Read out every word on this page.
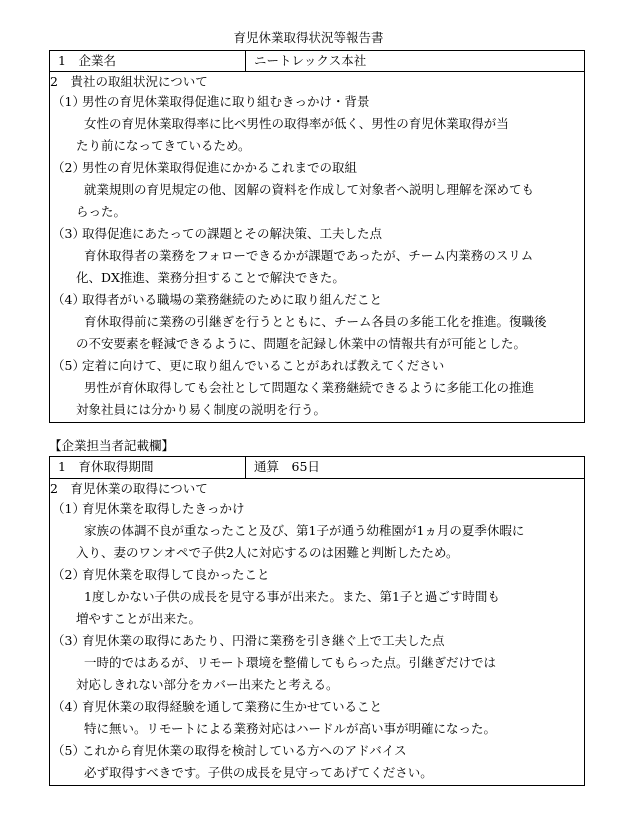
育児休業取得状況等報告書
1　企業名	ニートレックス本社

2　貴社の取組状況について
（1）男性の育児休業取得促進に取り組むきっかけ・背景
女性の育児休業取得率に比べ男性の取得率が低く、男性の育児休業取得が当
たり前になってきているため。
（2）男性の育児休業取得促進にかかるこれまでの取組
就業規則の育児規定の他、図解の資料を作成して対象者へ説明し理解を深めても
らった。
（3）取得促進にあたっての課題とその解決策、工夫した点
育休取得者の業務をフォローできるかが課題であったが、チーム内業務のスリム
化、DX推進、業務分担することで解決できた。
（4）取得者がいる職場の業務継続のために取り組んだこと
育休取得前に業務の引継ぎを行うとともに、チーム各員の多能工化を推進。復職後
の不安要素を軽減できるように、問題を記録し休業中の情報共有が可能とした。
（5）定着に向けて、更に取り組んでいることがあれば教えてください
男性が育休取得しても会社として問題なく業務継続できるように多能工化の推進
対象社員には分かり易く制度の説明を行う。
【企業担当者記載欄】
1　育休取得期間	通算　65日

2　育児休業の取得について
（1）育児休業を取得したきっかけ
家族の体調不良が重なったこと及び、第1子が通う幼稚園が1ヵ月の夏季休暇に
入り、妻のワンオペで子供2人に対応するのは困難と判断したため。
（2）育児休業を取得して良かったこと
1度しかない子供の成長を見守る事が出来た。また、第1子と過ごす時間も
増やすことが出来た。
（3）育児休業の取得にあたり、円滑に業務を引き継ぐ上で工夫した点
一時的ではあるが、リモート環境を整備してもらった点。引継ぎだけでは
対応しきれない部分をカバー出来たと考える。
（4）育児休業の取得経験を通して業務に生かせていること
特に無い。リモートによる業務対応はハードルが高い事が明確になった。
（5）これから育児休業の取得を検討している方へのアドバイス
必ず取得すべきです。子供の成長を見守ってあげてください。
